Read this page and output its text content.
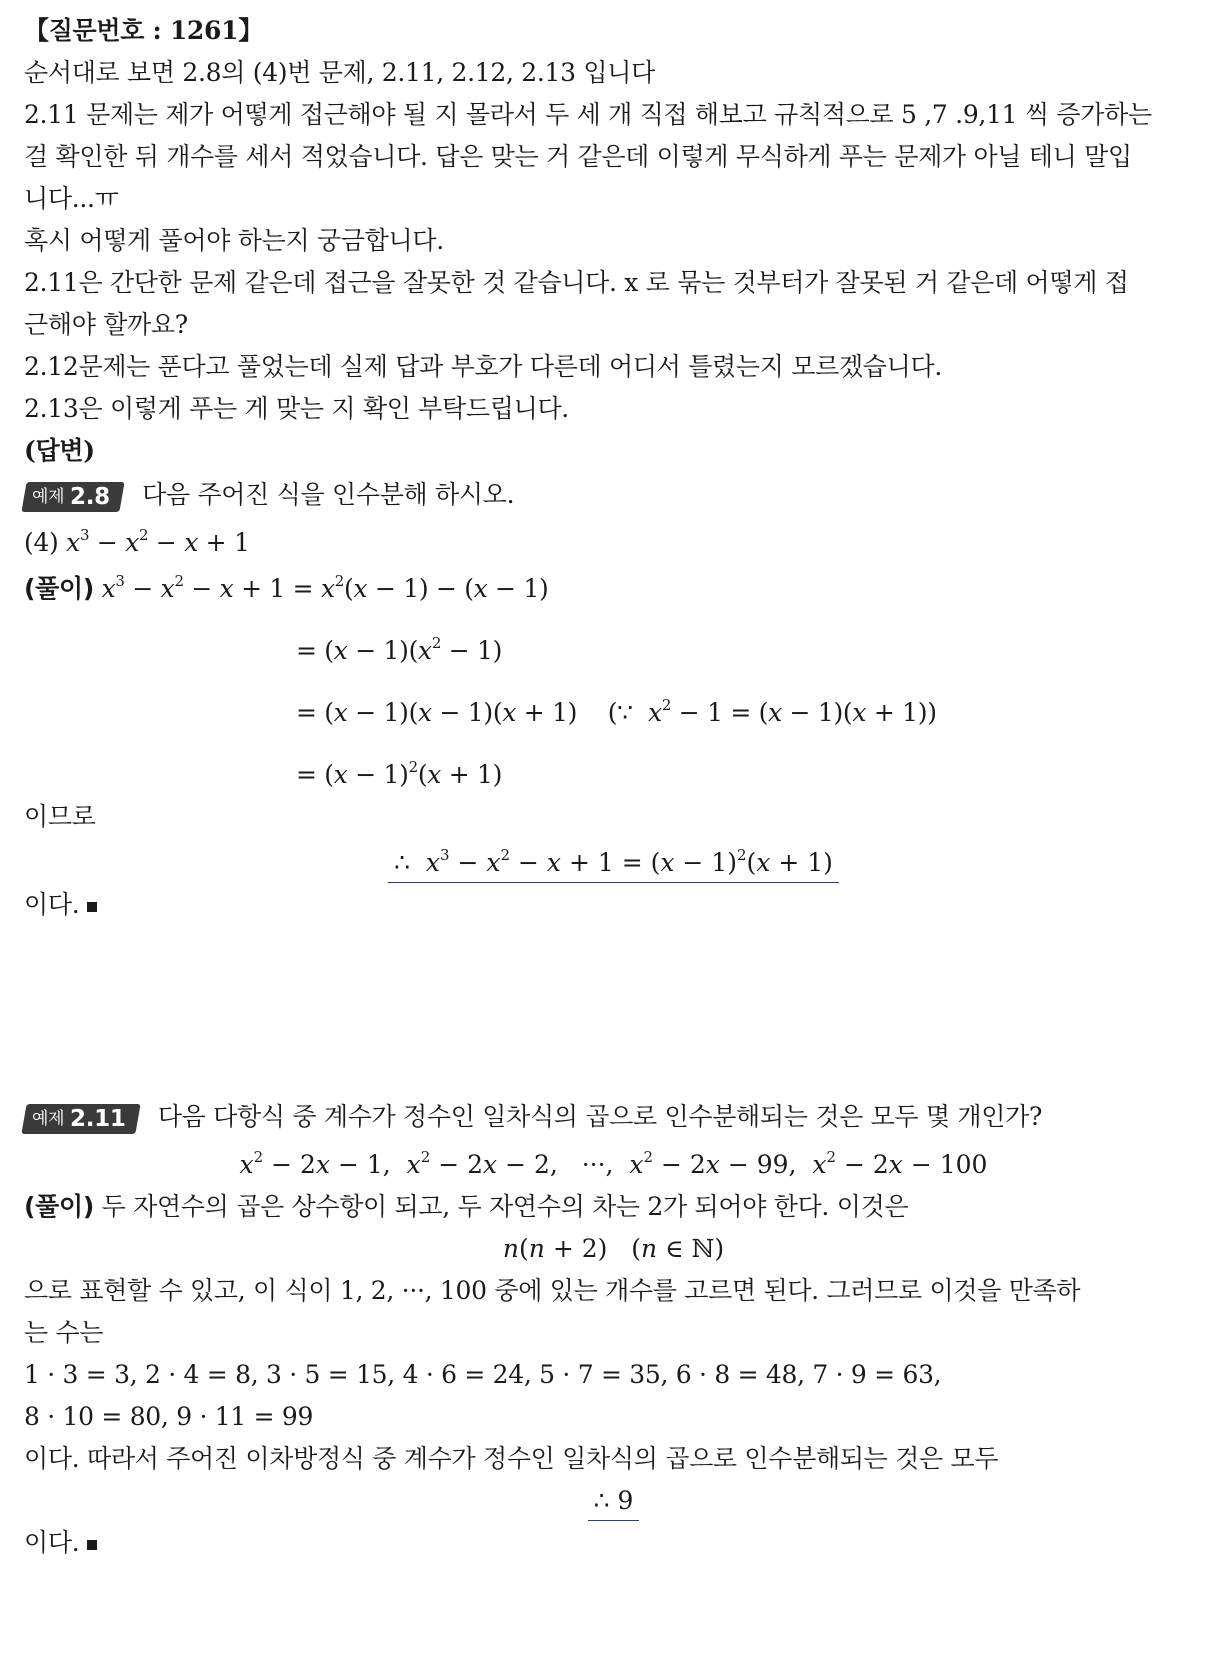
【질문번호 : 1261】
순서대로 보면 2.8의 (4)번 문제, 2.11, 2.12, 2.13 입니다
2.11 문제는 제가 어떻게 접근해야 될 지 몰라서 두 세 개 직접 해보고 규칙적으로 5 ,7 .9,11 씩 증가하는
걸 확인한 뒤 개수를 세서 적었습니다. 답은 맞는 거 같은데 이렇게 무식하게 푸는 문제가 아닐 테니 말입
니다...ㅠ
혹시 어떻게 풀어야 하는지 궁금합니다.
2.11은 간단한 문제 같은데 접근을 잘못한 것 같습니다. x 로 묶는 것부터가 잘못된 거 같은데 어떻게 접
근해야 할까요?
2.12문제는 푼다고 풀었는데 실제 답과 부호가 다른데 어디서 틀렸는지 모르겠습니다.
2.13은 이렇게 푸는 게 맞는 지 확인 부탁드립니다.
(답변)
예제 2.8 다음 주어진 식을 인수분해 하시오.
(4) $x^3 - x^2 - x + 1$
(풀이) $x^3 - x^2 - x + 1 = x^2(x - 1) - (x - 1)$
= $(x - 1)(x^2 - 1)$
= (x − 1)(x − 1)(x + 1)    (∵  $x^2 - 1 = (x - 1)(x + 1)$)
= $(x - 1)^2(x + 1)$
이므로
∴  $x^3 - x^2 - x + 1 = (x - 1)^2(x + 1)$
이다.
예제 2.11 다음 다항식 중 계수가 정수인 일차식의 곱으로 인수분해되는 것은 모두 몇 개인가?
$x^2 - 2x - 1$,  $x^2 - 2x - 2$,   ···,  $x^2 - 2x - 99$,  $x^2 - 2x - 100$
(풀이) 두 자연수의 곱은 상수항이 되고, 두 자연수의 차는 2가 되어야 한다. 이것은
n(n + 2)   (n ∈ ℕ)
으로 표현할 수 있고, 이 식이 1, 2, ···, 100 중에 있는 개수를 고르면 된다. 그러므로 이것을 만족하
는 수는
1 · 3 = 3, 2 · 4 = 8, 3 · 5 = 15, 4 · 6 = 24, 5 · 7 = 35, 6 · 8 = 48, 7 · 9 = 63,
8 · 10 = 80, 9 · 11 = 99
이다. 따라서 주어진 이차방정식 중 계수가 정수인 일차식의 곱으로 인수분해되는 것은 모두
∴ 9
이다.
